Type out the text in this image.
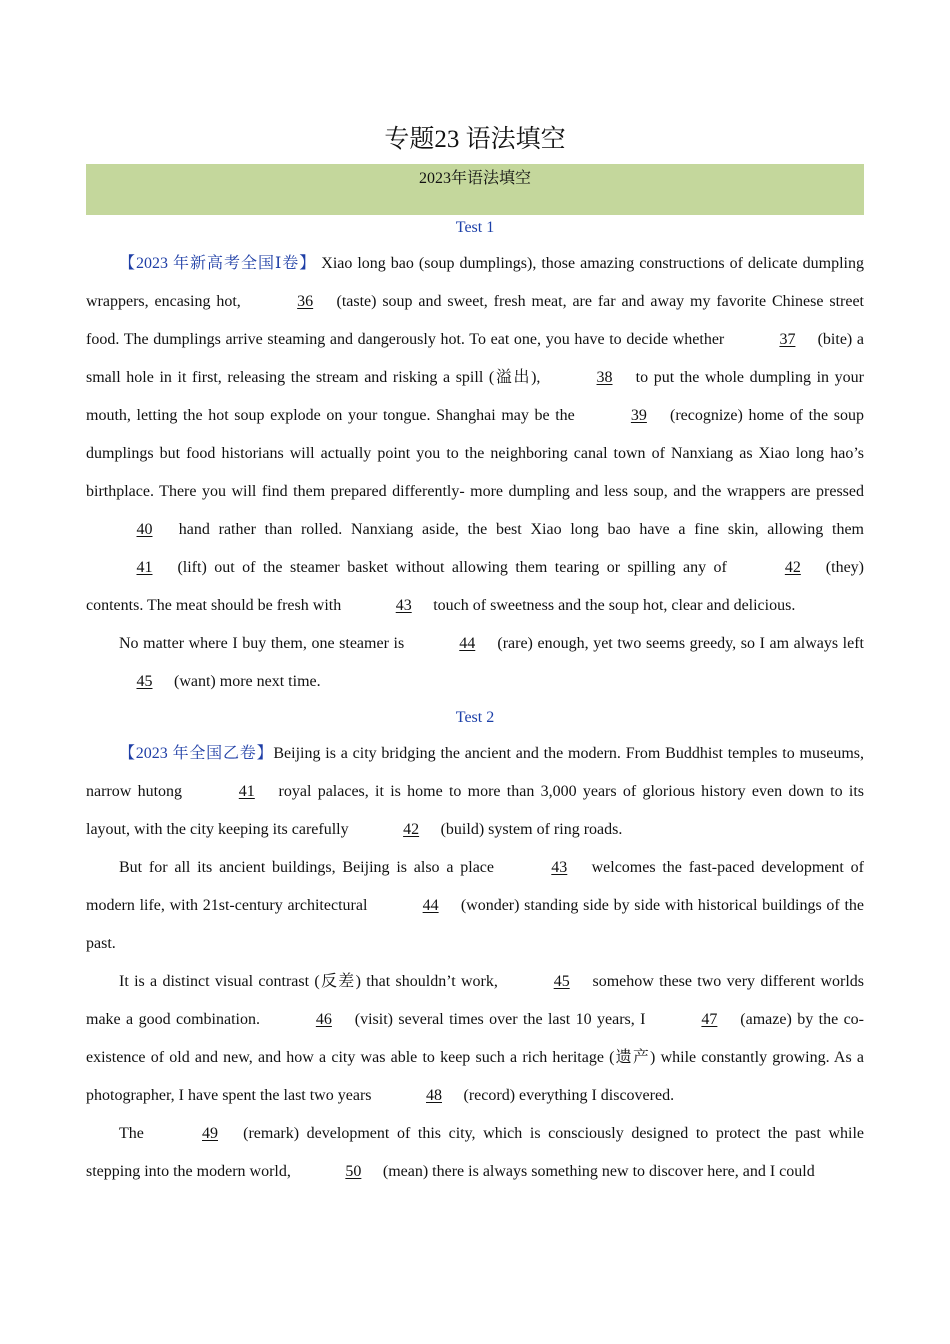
专题23 语法填空
2023年语法填空
Test 1

【2023 年新高考全国Ⅰ卷】 Xiao long bao (soup dumplings), those amazing constructions of delicate dumpling wrappers, encasing hot,	36 (taste) soup and sweet, fresh meat, are far and away my favorite Chinese street food. The dumplings arrive steaming and dangerously hot. To eat one, you have to decide whether	37 (bite) a small hole in it first, releasing the stream and risking a spill (溢出),	38 to put the whole dumpling in your mouth, letting the hot soup explode on your tongue. Shanghai may be the	39 (recognize) home of the soup dumplings but food historians will actually point you to the neighboring canal town of Nanxiang as Xiao long hao’s birthplace. There you will find them prepared differently- more dumpling and less soup, and the wrappers are pressed 40 hand rather than rolled. Nanxiang aside, the best Xiao long bao have a fine skin, allowing them 41 (lift) out of the steamer basket without allowing them tearing or spilling any of	42 (they) contents. The meat should be fresh with	43 touch of sweetness and the soup hot, clear and delicious.

No matter where I buy them, one steamer is	44 (rare) enough, yet two seems greedy, so I am always left 45 (want) more next time.

Test 2

【2023 年全国乙卷】Beijing is a city bridging the ancient and the modern. From Buddhist temples to museums, narrow hutong	41 royal palaces, it is home to more than 3,000 years of glorious history even down to its layout, with the city keeping its carefully	42 (build) system of ring roads.

But for all its ancient buildings, Beijing is also a place	43 welcomes the fast-paced development of modern life, with 21st-century architectural	44 (wonder) standing side by side with historical buildings of the past.

It is a distinct visual contrast (反差) that shouldn’t work,	45 somehow these two very different worlds make a good combination.	46 (visit) several times over the last 10 years, I	47 (amaze) by the co-existence of old and new, and how a city was able to keep such a rich heritage (遗产) while constantly growing. As a photographer, I have spent the last two years	48 (record) everything I discovered.

The	49 (remark) development of this city, which is consciously designed to protect the past while stepping into the modern world,	50 (mean) there is always something new to discover here, and I could
